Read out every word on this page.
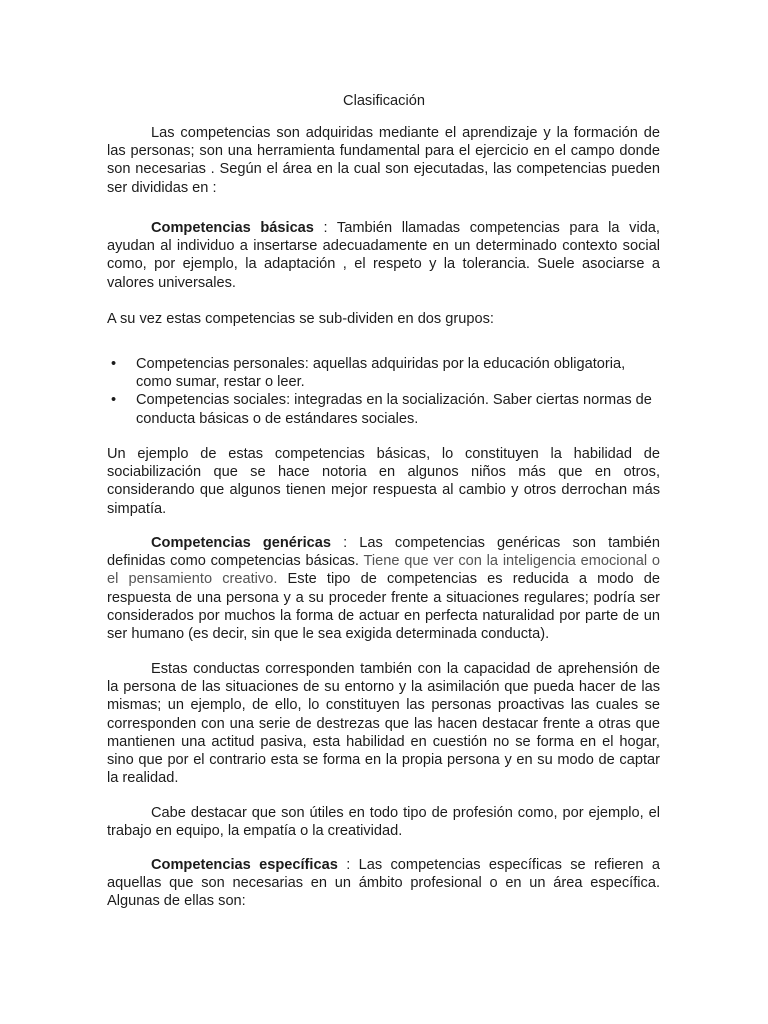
Clasificación

Las competencias son adquiridas mediante el aprendizaje y la formación de las personas; son una herramienta fundamental para el ejercicio en el campo donde son necesarias . Según el área en la cual son ejecutadas, las competencias pueden ser divididas en :

Competencias básicas : También llamadas competencias para la vida, ayudan al individuo a insertarse adecuadamente en un determinado contexto social como, por ejemplo, la adaptación , el respeto y la tolerancia. Suele asociarse a valores universales.

A su vez estas competencias se sub-dividen en dos grupos:

• Competencias personales: aquellas adquiridas por la educación obligatoria, como sumar, restar o leer.
• Competencias sociales: integradas en la socialización. Saber ciertas normas de conducta básicas o de estándares sociales.

Un ejemplo de estas competencias básicas, lo constituyen la habilidad de sociabilización que se hace notoria en algunos niños más que en otros, considerando que algunos tienen mejor respuesta al cambio y otros derrochan más simpatía.

Competencias genéricas : Las competencias genéricas son también definidas como competencias básicas. Tiene que ver con la inteligencia emocional o el pensamiento creativo. Este tipo de competencias es reducida a modo de respuesta de una persona y a su proceder frente a situaciones regulares; podría ser considerados por muchos la forma de actuar en perfecta naturalidad por parte de un ser humano (es decir, sin que le sea exigida determinada conducta).

Estas conductas corresponden también con la capacidad de aprehensión de la persona de las situaciones de su entorno y la asimilación que pueda hacer de las mismas; un ejemplo, de ello, lo constituyen las personas proactivas las cuales se corresponden con una serie de destrezas que las hacen destacar frente a otras que mantienen una actitud pasiva, esta habilidad en cuestión no se forma en el hogar, sino que por el contrario esta se forma en la propia persona y en su modo de captar la realidad.

Cabe destacar que son útiles en todo tipo de profesión como, por ejemplo, el trabajo en equipo, la empatía o la creatividad.

Competencias específicas : Las competencias específicas se refieren a aquellas que son necesarias en un ámbito profesional o en un área específica. Algunas de ellas son:
